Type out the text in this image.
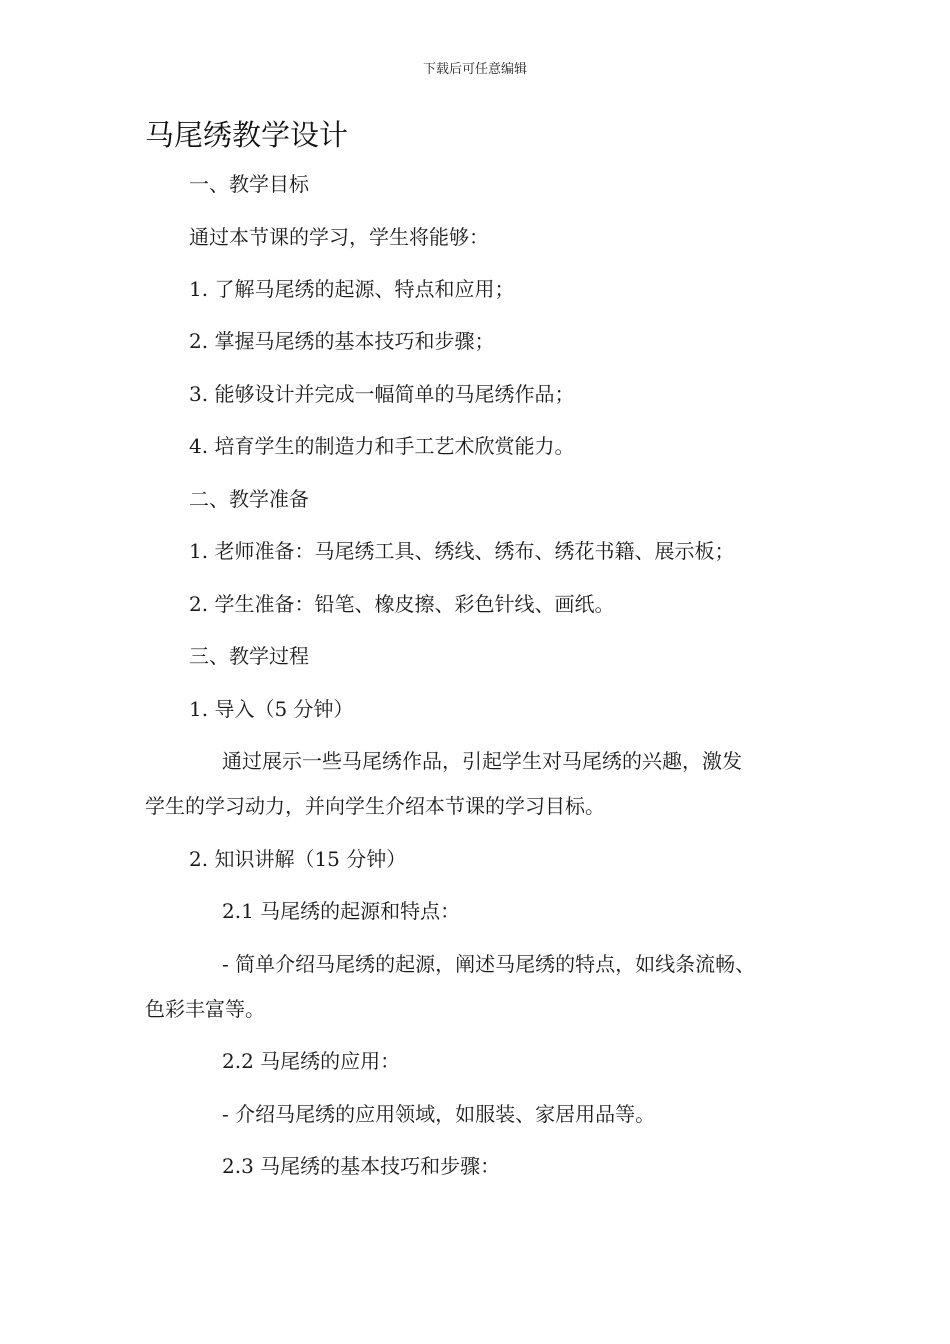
下载后可任意编辑
马尾绣教学设计
一、教学目标
通过本节课的学习，学生将能够：
1. 了解马尾绣的起源、特点和应用；
2. 掌握马尾绣的基本技巧和步骤；
3. 能够设计并完成一幅简单的马尾绣作品；
4. 培育学生的制造力和手工艺术欣赏能力。
二、教学准备
1. 老师准备：马尾绣工具、绣线、绣布、绣花书籍、展示板；
2. 学生准备：铅笔、橡皮擦、彩色针线、画纸。
三、教学过程
1. 导入（5 分钟）
通过展示一些马尾绣作品，引起学生对马尾绣的兴趣，激发
学生的学习动力，并向学生介绍本节课的学习目标。
2. 知识讲解（15 分钟）
2.1 马尾绣的起源和特点：
- 简单介绍马尾绣的起源，阐述马尾绣的特点，如线条流畅、
色彩丰富等。
2.2 马尾绣的应用：
- 介绍马尾绣的应用领域，如服装、家居用品等。
2.3 马尾绣的基本技巧和步骤：
